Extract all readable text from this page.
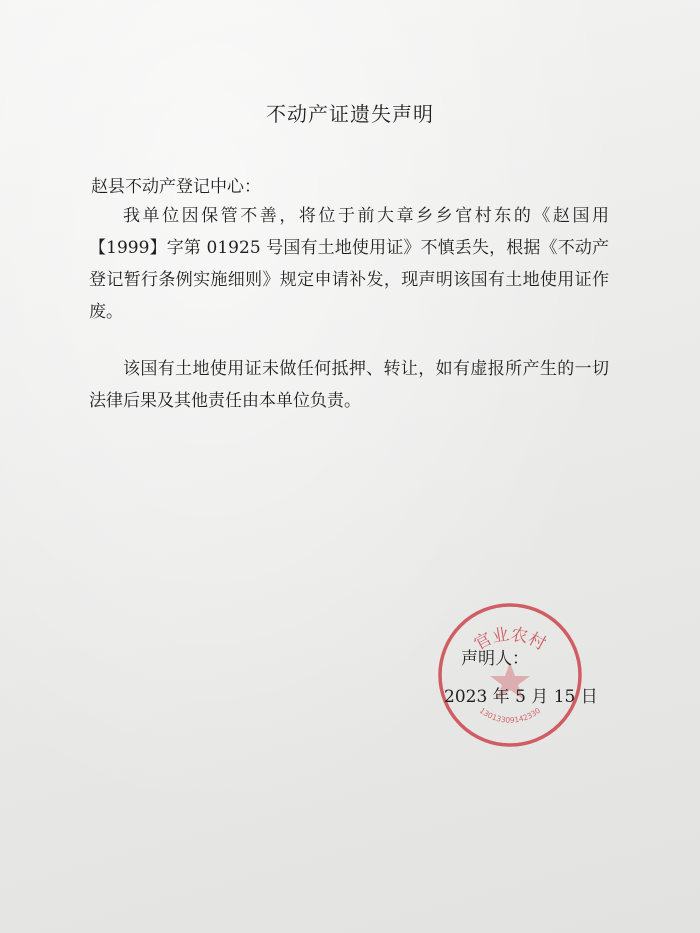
不动产证遗失声明
赵县不动产登记中心：
我单位因保管不善，将位于前大章乡乡官村东的《赵国用【1999】字第 01925 号国有土地使用证》不慎丢失，根据《不动产登记暂行条例实施细则》规定申请补发，现声明该国有土地使用证作废。
该国有土地使用证未做任何抵押、转让，如有虚报所产生的一切法律后果及其他责任由本单位负责。
官业农村
13013309142330
声明人：
2023 年 5 月 15 日
